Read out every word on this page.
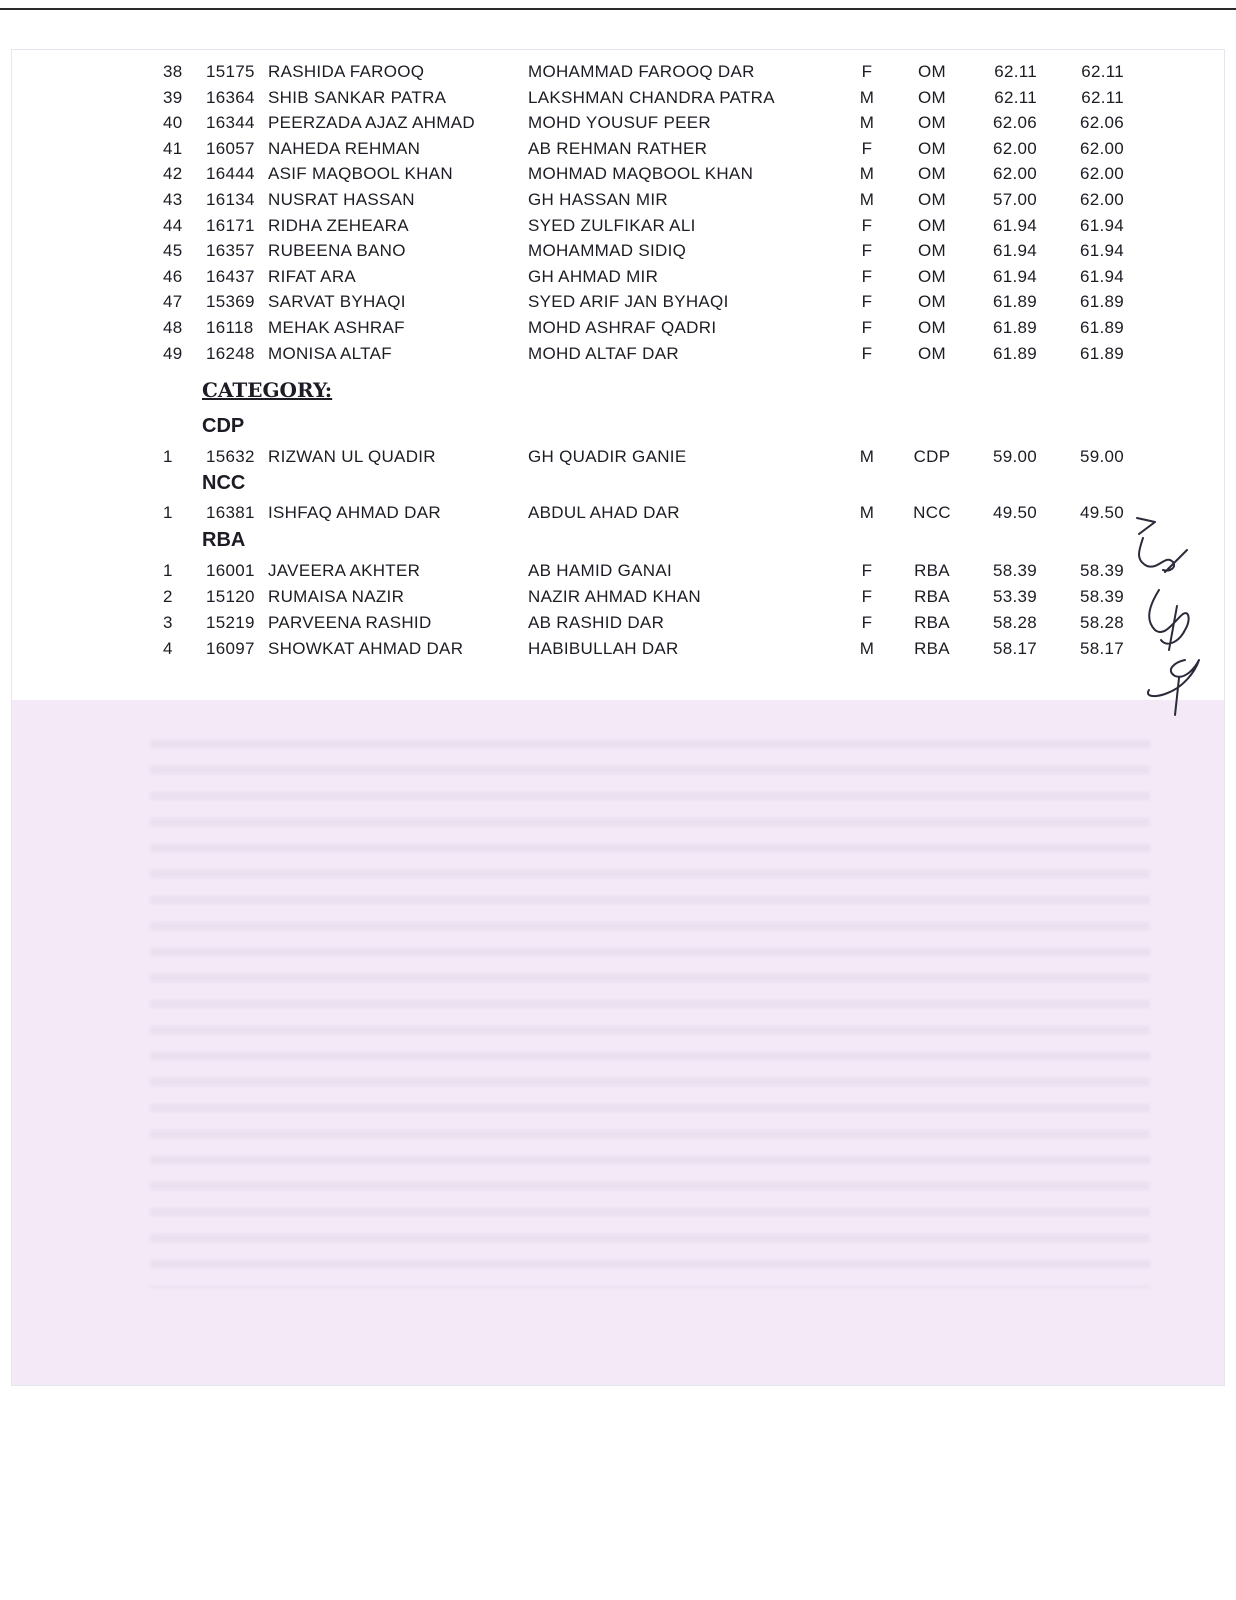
38	15175 RASHIDA FAROOQ	MOHAMMAD FAROOQ DAR	F	OM	62.11	62.11
39	16364 SHIB SANKAR PATRA	LAKSHMAN CHANDRA PATRA	M	OM	62.11	62.11
40	16344 PEERZADA AJAZ AHMAD	MOHD YOUSUF PEER	M	OM	62.06	62.06
41	16057 NAHEDA REHMAN	AB REHMAN RATHER	F	OM	62.00	62.00
42	16444 ASIF MAQBOOL KHAN	MOHMAD MAQBOOL KHAN	M	OM	62.00	62.00
43	16134 NUSRAT HASSAN	GH HASSAN MIR	M	OM	57.00	62.00
44	16171 RIDHA ZEHEARA	SYED ZULFIKAR ALI	F	OM	61.94	61.94
45	16357 RUBEENA BANO	MOHAMMAD SIDIQ	F	OM	61.94	61.94
46	16437 RIFAT ARA	GH AHMAD MIR	F	OM	61.94	61.94
47	15369 SARVAT BYHAQI	SYED ARIF JAN BYHAQI	F	OM	61.89	61.89
48	16118 MEHAK ASHRAF	MOHD ASHRAF QADRI	F	OM	61.89	61.89
49	16248 MONISA ALTAF	MOHD ALTAF DAR	F	OM	61.89	61.89
CATEGORY:
CDP
1	15632 RIZWAN UL QUADIR	GH QUADIR GANIE	M CDP	59.00	59.00
NCC
1	16381 ISHFAQ AHMAD DAR	ABDUL AHAD DAR	M NCC	49.50	49.50
RBA
1	16001 JAVEERA AKHTER	AB HAMID GANAI	F RBA	58.39	58.39
2	15120 RUMAISA NAZIR	NAZIR AHMAD KHAN	F RBA	53.39	58.39
3	15219 PARVEENA RASHID	AB RASHID DAR	F RBA	58.28	58.28
4	16097 SHOWKAT AHMAD DAR	HABIBULLAH DAR	M RBA	58.17	58.17
